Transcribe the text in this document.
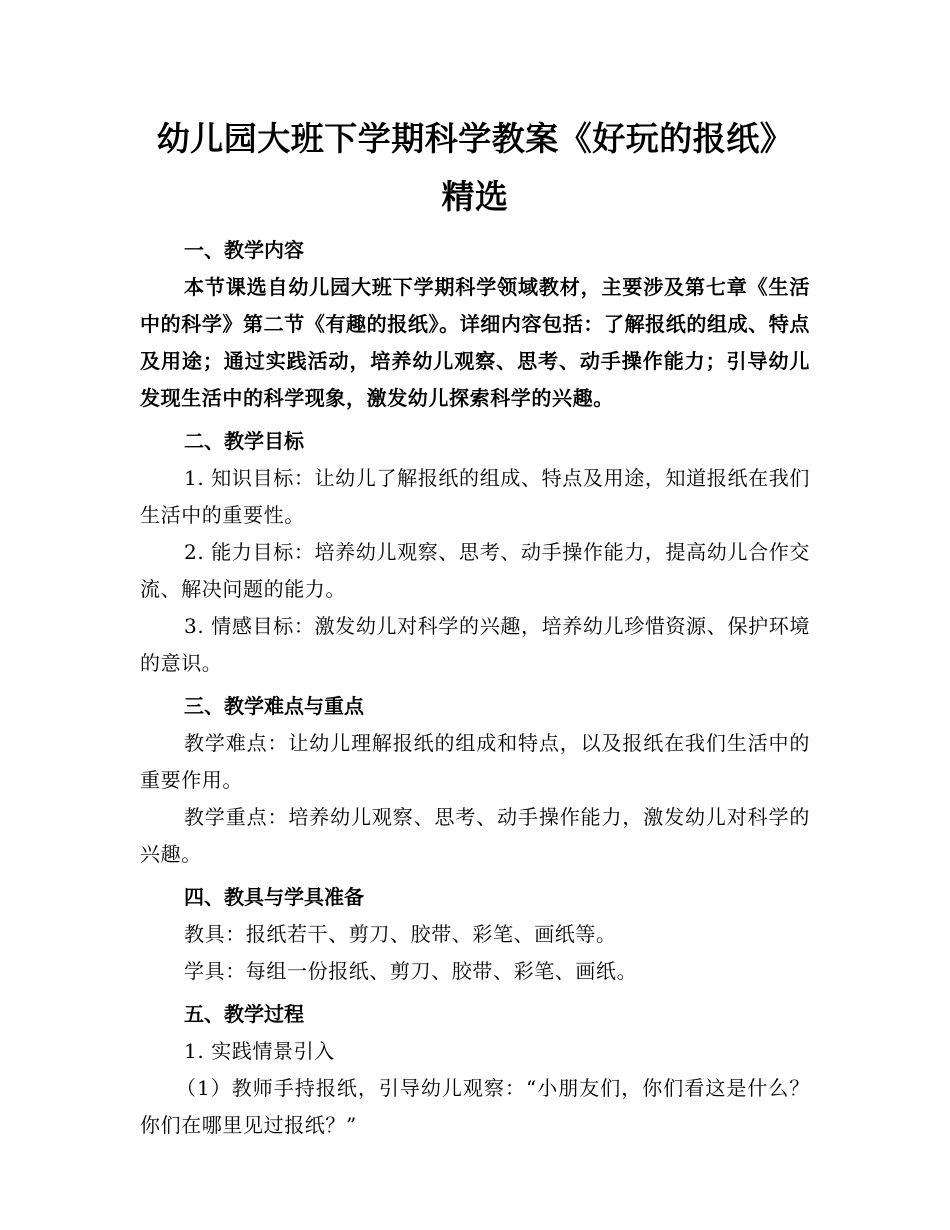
幼儿园大班下学期科学教案《好玩的报纸》
精选
一、教学内容

本节课选自幼儿园大班下学期科学领域教材，主要涉及第七章《生活中的科学》第二节《有趣的报纸》。详细内容包括：了解报纸的组成、特点及用途；通过实践活动，培养幼儿观察、思考、动手操作能力；引导幼儿发现生活中的科学现象，激发幼儿探索科学的兴趣。

二、教学目标

1. 知识目标：让幼儿了解报纸的组成、特点及用途，知道报纸在我们生活中的重要性。

2. 能力目标：培养幼儿观察、思考、动手操作能力，提高幼儿合作交流、解决问题的能力。

3. 情感目标：激发幼儿对科学的兴趣，培养幼儿珍惜资源、保护环境的意识。

三、教学难点与重点

教学难点：让幼儿理解报纸的组成和特点，以及报纸在我们生活中的重要作用。

教学重点：培养幼儿观察、思考、动手操作能力，激发幼儿对科学的兴趣。

四、教具与学具准备

教具：报纸若干、剪刀、胶带、彩笔、画纸等。

学具：每组一份报纸、剪刀、胶带、彩笔、画纸。

五、教学过程

1. 实践情景引入

（1）教师手持报纸，引导幼儿观察：“小朋友们，你们看这是什么？你们在哪里见过报纸？”
